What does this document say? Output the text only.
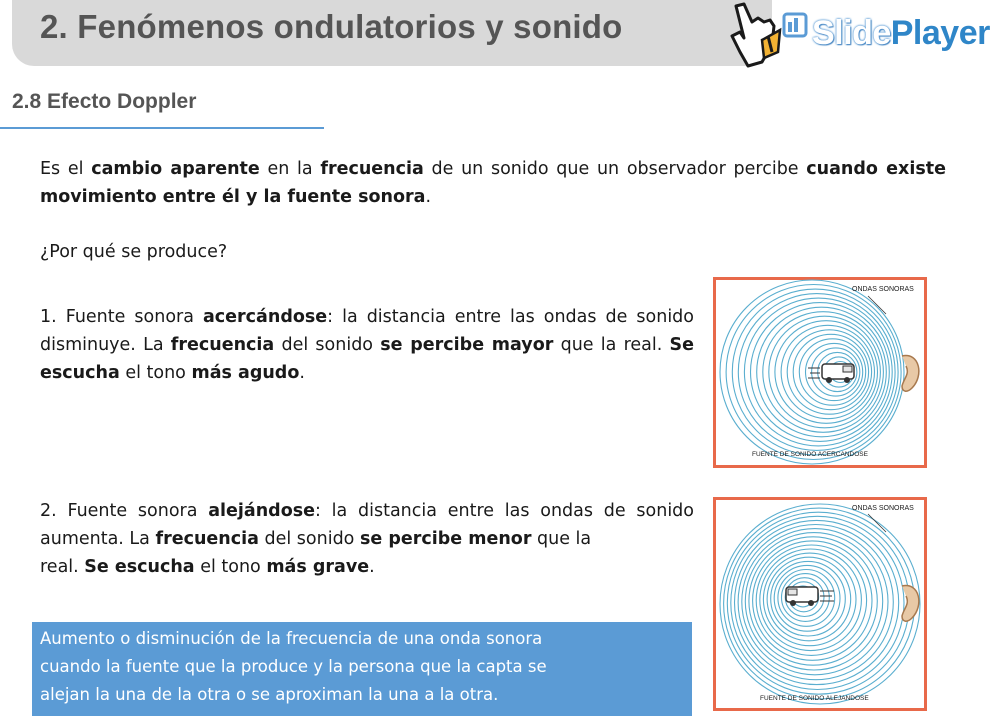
2. Fenómenos ondulatorios y sonido	SlidePlayer
2.8 Efecto Doppler
Es el cambio aparente en la frecuencia de un sonido que un observador percibe cuando existe movimiento entre él y la fuente sonora.
¿Por qué se produce?
1. Fuente sonora acercándose: la distancia entre las ondas de sonido disminuye. La frecuencia del sonido se percibe mayor que la real. Se escucha el tono más agudo.
2. Fuente sonora alejándose: la distancia entre las ondas de sonido aumenta. La frecuencia del sonido se percibe menor que la
real. Se escucha el tono más grave.
ONDAS SONORAS
FUENTE DE SONIDO ACERCANDOSE
ONDAS SONORAS
FUENTE DE SONIDO ALEJANDOSE
Aumento o disminución de la frecuencia de una onda sonora
cuando la fuente que la produce y la persona que la capta se
alejan la una de la otra o se aproximan la una a la otra.
